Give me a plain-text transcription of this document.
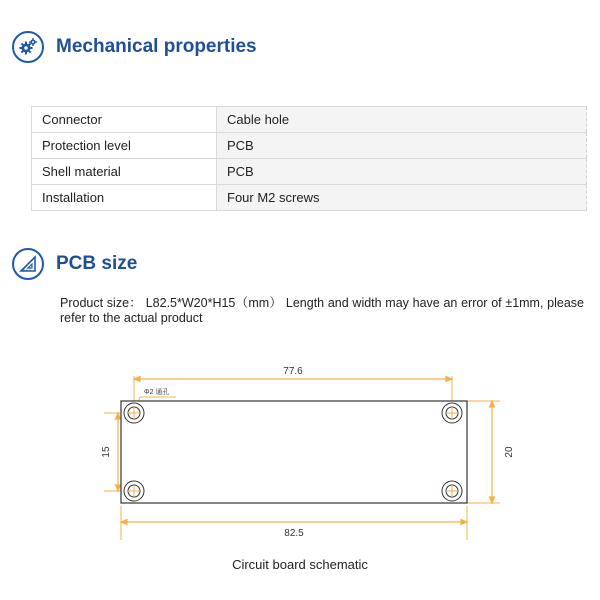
Mechanical properties
Connector	Cable hole
Protection level	PCB
Shell material	PCB
Installation	Four M2 screws
PCB size
Product size： L82.5*W20*H15（mm） Length and width may have an error of ±1mm, please refer to the actual product
77.6
82.5
20
15
Φ2 通孔
Circuit board schematic
